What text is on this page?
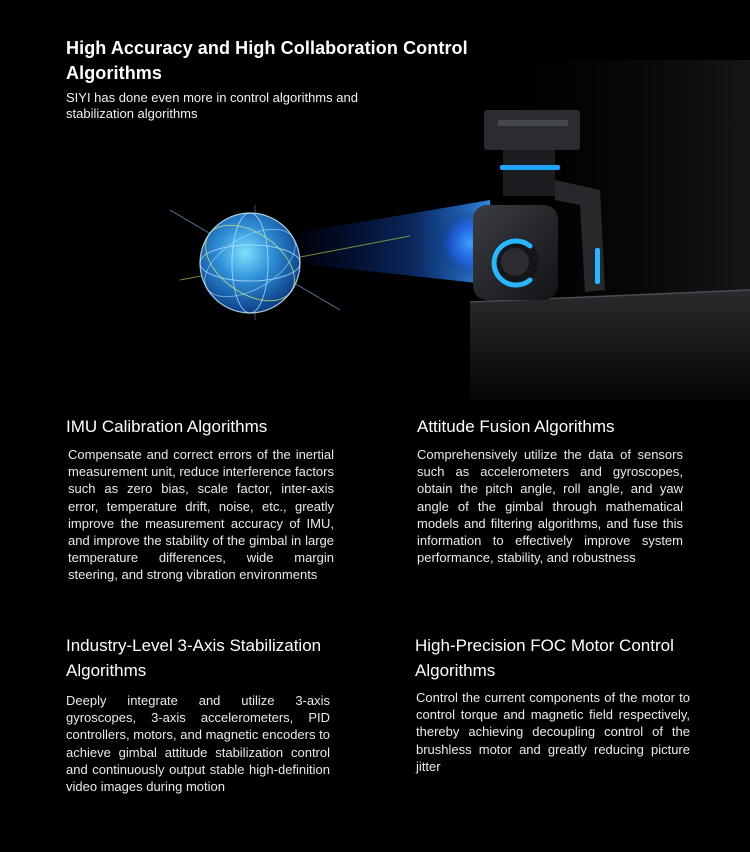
High Accuracy and High Collaboration Control Algorithms

SIYI has done even more in control algorithms and stabilization algorithms

IMU Calibration Algorithms

Compensate and correct errors of the inertial measurement unit, reduce interference factors such as zero bias, scale factor, inter-axis error, temperature drift, noise, etc., greatly improve the measurement accuracy of IMU, and improve the stability of the gimbal in large temperature differences, wide margin steering, and strong vibration environments

Attitude Fusion Algorithms

Comprehensively utilize the data of sensors such as accelerometers and gyroscopes, obtain the pitch angle, roll angle, and yaw angle of the gimbal through mathematical models and filtering algorithms, and fuse this information to effectively improve system performance, stability, and robustness

Industry-Level 3-Axis Stabilization Algorithms

Deeply integrate and utilize 3-axis gyroscopes, 3-axis accelerometers, PID controllers, motors, and magnetic encoders to achieve gimbal attitude stabilization control and continuously output stable high-definition video images during motion

High-Precision FOC Motor Control Algorithms

Control the current components of the motor to control torque and magnetic field respectively, thereby achieving decoupling control of the brushless motor and greatly reducing picture jitter
